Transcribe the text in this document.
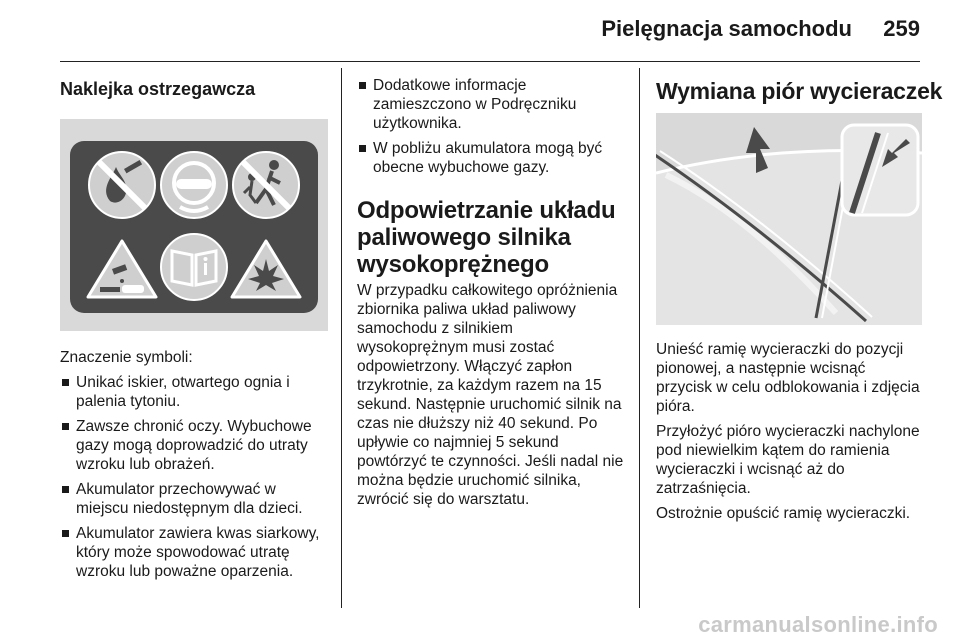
Pielęgnacja samochodu 259
Naklejka ostrzegawcza

Znaczenie symboli:

Unikać iskier, otwartego ognia i palenia tytoniu.
Zawsze chronić oczy. Wybuchowe gazy mogą doprowadzić do utraty wzroku lub obrażeń.
Akumulator przechowywać w miejscu niedostępnym dla dzieci.
Akumulator zawiera kwas siarkowy, który może spowodować utratę wzroku lub poważne oparzenia.
Dodatkowe informacje zamieszczono w Podręczniku użytkownika.
W pobliżu akumulatora mogą być obecne wybuchowe gazy.
Odpowietrzanie układu paliwowego silnika wysokoprężnego

W przypadku całkowitego opróżnienia zbiornika paliwa układ paliwowy samochodu z silnikiem wysokoprężnym musi zostać odpowietrzony. Włączyć zapłon trzykrotnie, za każdym razem na 15 sekund. Następnie uruchomić silnik na czas nie dłuższy niż 40 sekund. Po upływie co najmniej 5 sekund powtórzyć te czynności. Jeśli nadal nie można będzie uruchomić silnika, zwrócić się do warsztatu.

Wymiana piór wycieraczek

Unieść ramię wycieraczki do pozycji pionowej, a następnie wcisnąć przycisk w celu odblokowania i zdjęcia pióra.

Przyłożyć pióro wycieraczki nachylone pod niewielkim kątem do ramienia wycieraczki i wcisnąć aż do zatrzaśnięcia.

Ostrożnie opuścić ramię wycieraczki.

carmanualsonline.info
